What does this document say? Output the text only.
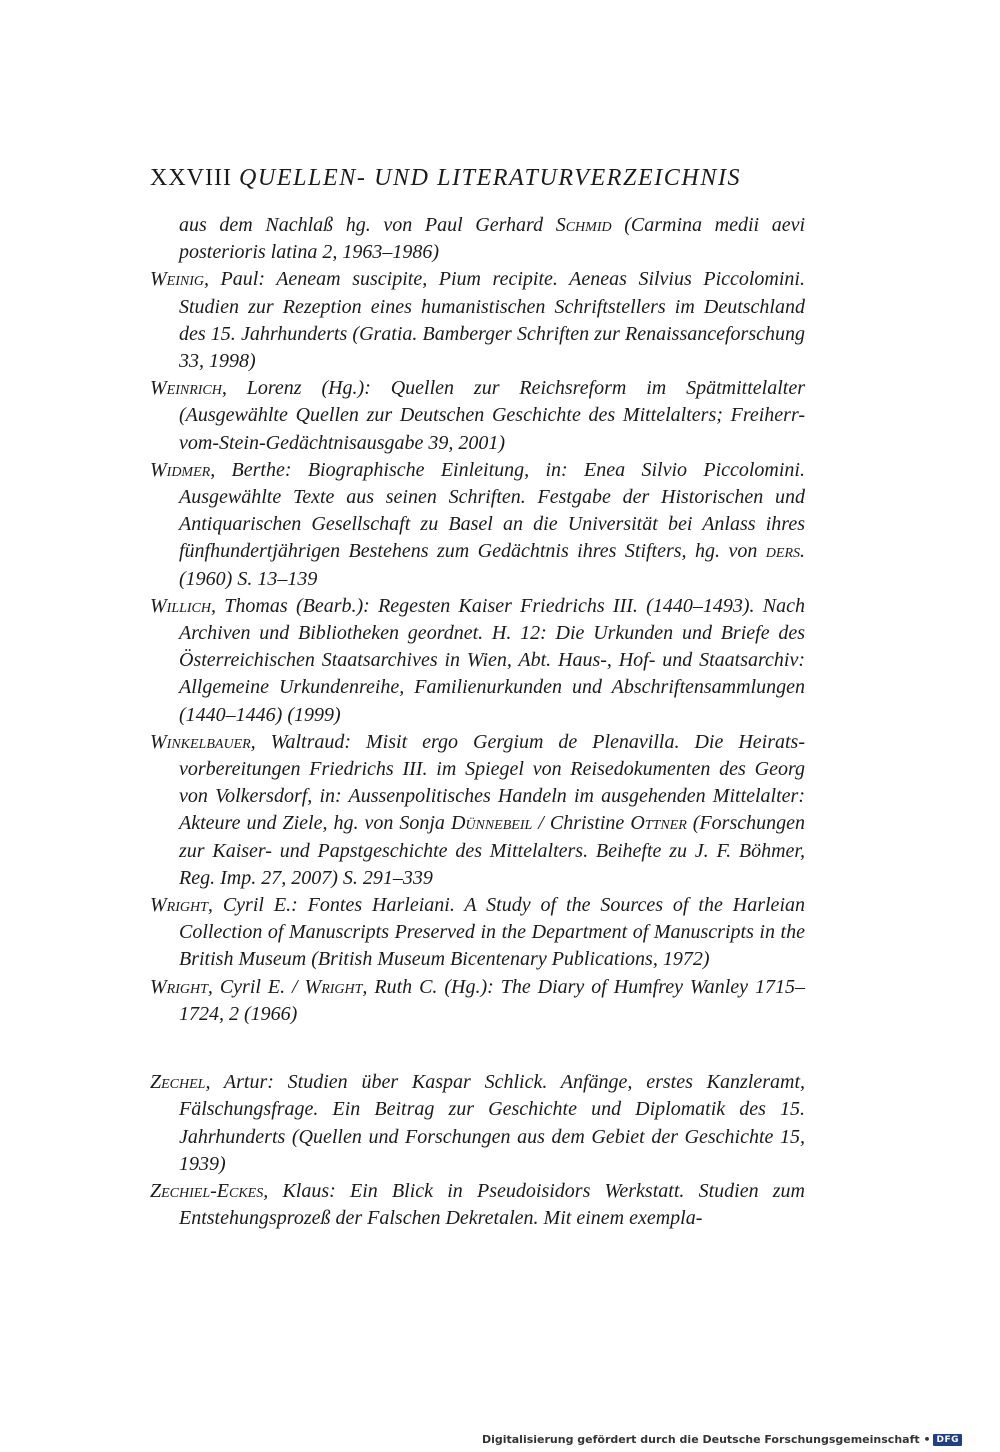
XXVIII QUELLEN- UND LITERATURVERZEICHNIS

aus dem Nachlaß hg. von Paul Gerhard Schmid (Carmina medii aevi posterioris latina 2, 1963–1986)

Weinig, Paul: Aeneam suscipite, Pium recipite. Aeneas Silvius Piccolomini. Studien zur Rezeption eines humanistischen Schriftstellers im Deutschland des 15. Jahrhunderts (Gratia. Bamberger Schriften zur Renaissanceforschung 33, 1998)

Weinrich, Lorenz (Hg.): Quellen zur Reichsreform im Spätmittelalter (Ausgewählte Quellen zur Deutschen Geschichte des Mittelalters; Freiherr-vom-Stein-Gedächtnisausgabe 39, 2001)

Widmer, Berthe: Biographische Einleitung, in: Enea Silvio Piccolomini. Ausgewählte Texte aus seinen Schriften. Festgabe der Historischen und Antiquarischen Gesellschaft zu Basel an die Universität bei Anlass ihres fünfhundertjährigen Bestehens zum Gedächtnis ihres Stifters, hg. von ders. (1960) S. 13–139

Willich, Thomas (Bearb.): Regesten Kaiser Friedrichs III. (1440–1493). Nach Archiven und Bibliotheken geordnet. H. 12: Die Urkunden und Briefe des Österreichischen Staatsarchives in Wien, Abt. Haus-, Hof- und Staatsarchiv: Allgemeine Urkundenreihe, Familienurkunden und Abschriftensammlungen (1440–1446) (1999)

Winkelbauer, Waltraud: Misit ergo Gergium de Plenavilla. Die Heiratsvorbereitungen Friedrichs III. im Spiegel von Reisedokumenten des Georg von Volkersdorf, in: Aussenpolitisches Handeln im ausgehenden Mittelalter: Akteure und Ziele, hg. von Sonja Dünnebeil / Christine Ottner (Forschungen zur Kaiser- und Papstgeschichte des Mittelalters. Beihefte zu J. F. Böhmer, Reg. Imp. 27, 2007) S. 291–339

Wright, Cyril E.: Fontes Harleiani. A Study of the Sources of the Harleian Collection of Manuscripts Preserved in the Department of Manuscripts in the British Museum (British Museum Bicentenary Publications, 1972)

Wright, Cyril E. / Wright, Ruth C. (Hg.): The Diary of Humfrey Wanley 1715–1724, 2 (1966)

Zechel, Artur: Studien über Kaspar Schlick. Anfänge, erstes Kanzleramt, Fälschungsfrage. Ein Beitrag zur Geschichte und Diplomatik des 15. Jahrhunderts (Quellen und Forschungen aus dem Gebiet der Geschichte 15, 1939)

Zechiel-Eckes, Klaus: Ein Blick in Pseudoisidors Werkstatt. Studien zum Entstehungsprozeß der Falschen Dekretalen. Mit einem exempla-

Digitalisierung gefördert durch die Deutsche Forschungsgemeinschaft • DFG
